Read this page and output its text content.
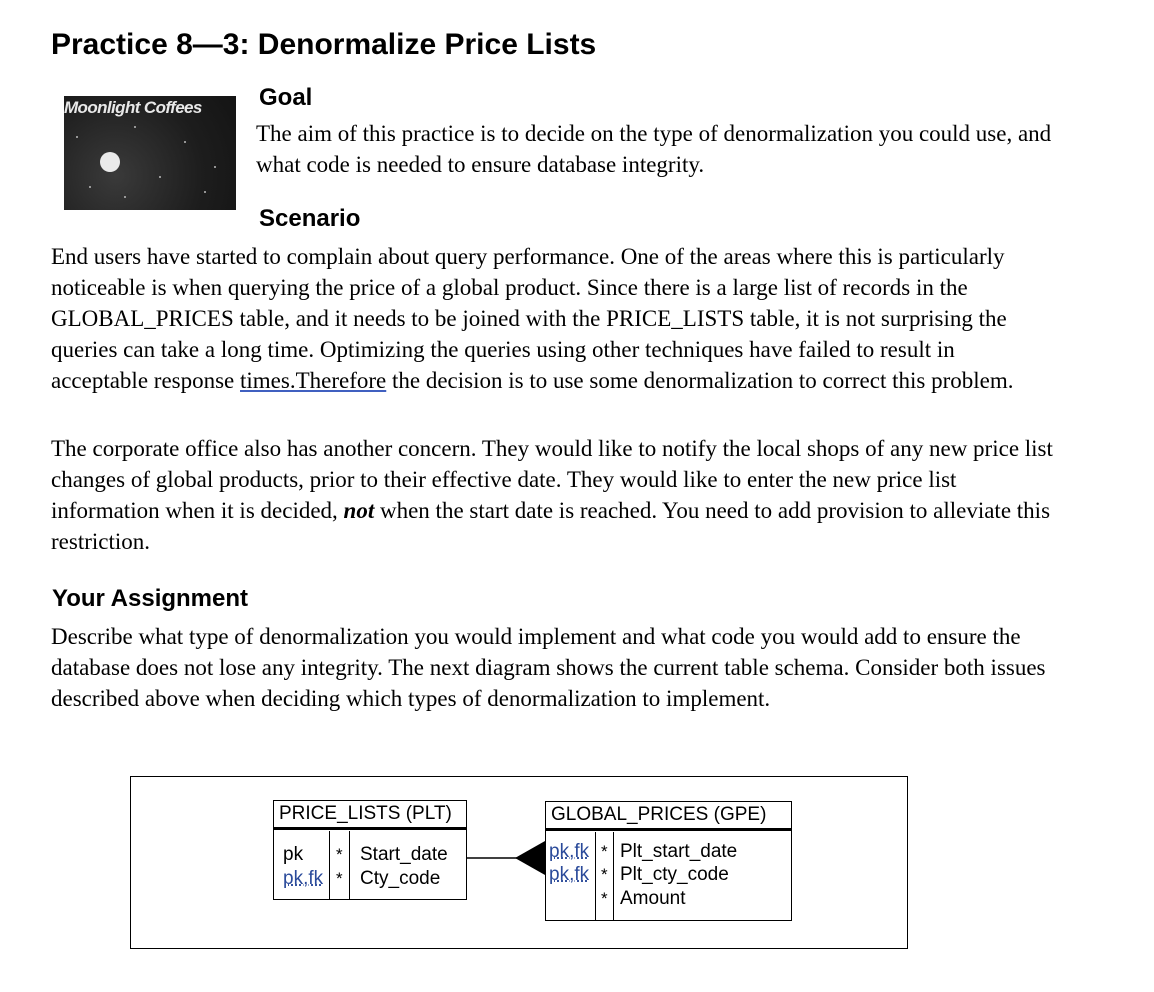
Practice 8—3: Denormalize Price Lists
Moonlight Coffees Goal

The aim of this practice is to decide on the type of denormalization you could use, and what code is needed to ensure database integrity.

Scenario

End users have started to complain about query performance. One of the areas where this is particularly noticeable is when querying the price of a global product. Since there is a large list of records in the GLOBAL_PRICES table, and it needs to be joined with the PRICE_LISTS table, it is not surprising the queries can take a long time. Optimizing the queries using other techniques have failed to result in acceptable response times.Therefore the decision is to use some denormalization to correct this problem.

The corporate office also has another concern. They would like to notify the local shops of any new price list changes of global products, prior to their effective date. They would like to enter the new price list information when it is decided, not when the start date is reached. You need to add provision to alleviate this restriction.

Your Assignment

Describe what type of denormalization you would implement and what code you would add to ensure the database does not lose any integrity. The next diagram shows the current table schema. Consider both issues described above when deciding which types of denormalization to implement.

PRICE_LISTS (PLT)
pk * Start_date
pk,fk * Cty_code
GLOBAL_PRICES (GPE)
pk,fk * Plt_start_date
pk,fk * Plt_cty_code
* Amount
